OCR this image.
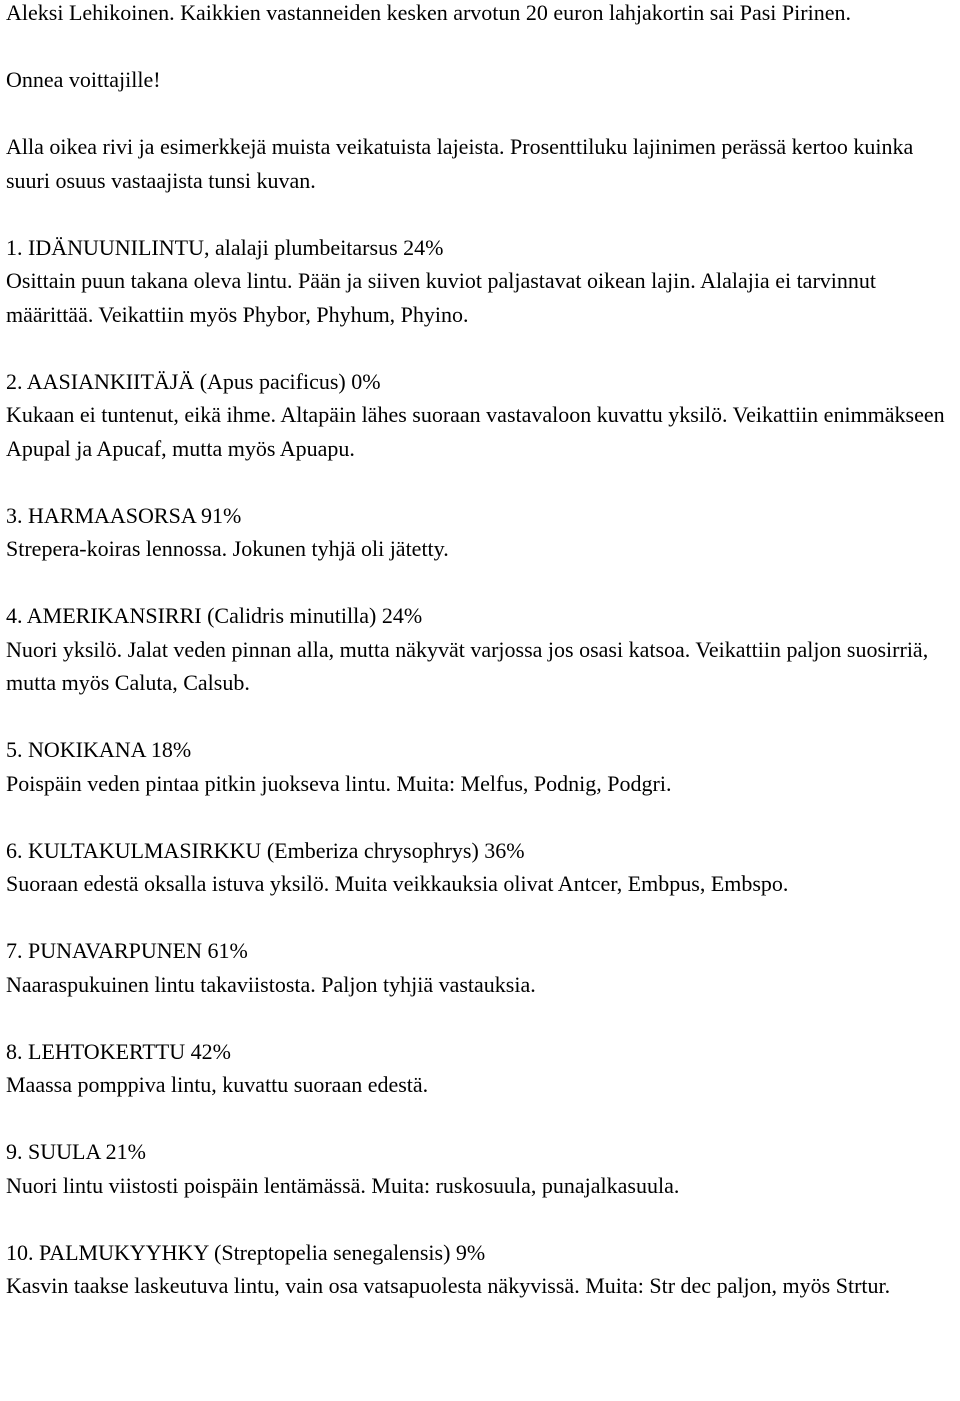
Aleksi Lehikoinen. Kaikkien vastanneiden kesken arvotun 20 euron lahjakortin sai Pasi Pirinen.

Onnea voittajille!

Alla oikea rivi ja esimerkkejä muista veikatuista lajeista. Prosenttiluku lajinimen perässä kertoo kuinka suuri osuus vastaajista tunsi kuvan.

1. IDÄNUUNILINTU, alalaji plumbeitarsus 24%

Osittain puun takana oleva lintu. Pään ja siiven kuviot paljastavat oikean lajin. Alalajia ei tarvinnut määrittää. Veikattiin myös Phybor, Phyhum, Phyino.

2. AASIANKIITÄJÄ (Apus pacificus) 0%

Kukaan ei tuntenut, eikä ihme. Altapäin lähes suoraan vastavaloon kuvattu yksilö. Veikattiin enimmäkseen Apupal ja Apucaf, mutta myös Apuapu.

3. HARMAASORSA 91%

Strepera-koiras lennossa. Jokunen tyhjä oli jätetty.

4. AMERIKANSIRRI (Calidris minutilla) 24%

Nuori yksilö. Jalat veden pinnan alla, mutta näkyvät varjossa jos osasi katsoa. Veikattiin paljon suosirriä, mutta myös Caluta, Calsub.

5. NOKIKANA 18%

Poispäin veden pintaa pitkin juokseva lintu. Muita: Melfus, Podnig, Podgri.

6. KULTAKULMASIRKKU (Emberiza chrysophrys) 36%

Suoraan edestä oksalla istuva yksilö. Muita veikkauksia olivat Antcer, Embpus, Embspo.

7. PUNAVARPUNEN 61%

Naaraspukuinen lintu takaviistosta. Paljon tyhjiä vastauksia.

8. LEHTOKERTTU 42%

Maassa pomppiva lintu, kuvattu suoraan edestä.

9. SUULA 21%

Nuori lintu viistosti poispäin lentämässä. Muita: ruskosuula, punajalkasuula.

10. PALMUKYYHKY (Streptopelia senegalensis) 9%

Kasvin taakse laskeutuva lintu, vain osa vatsapuolesta näkyvissä. Muita: Str dec paljon, myös Strtur.
